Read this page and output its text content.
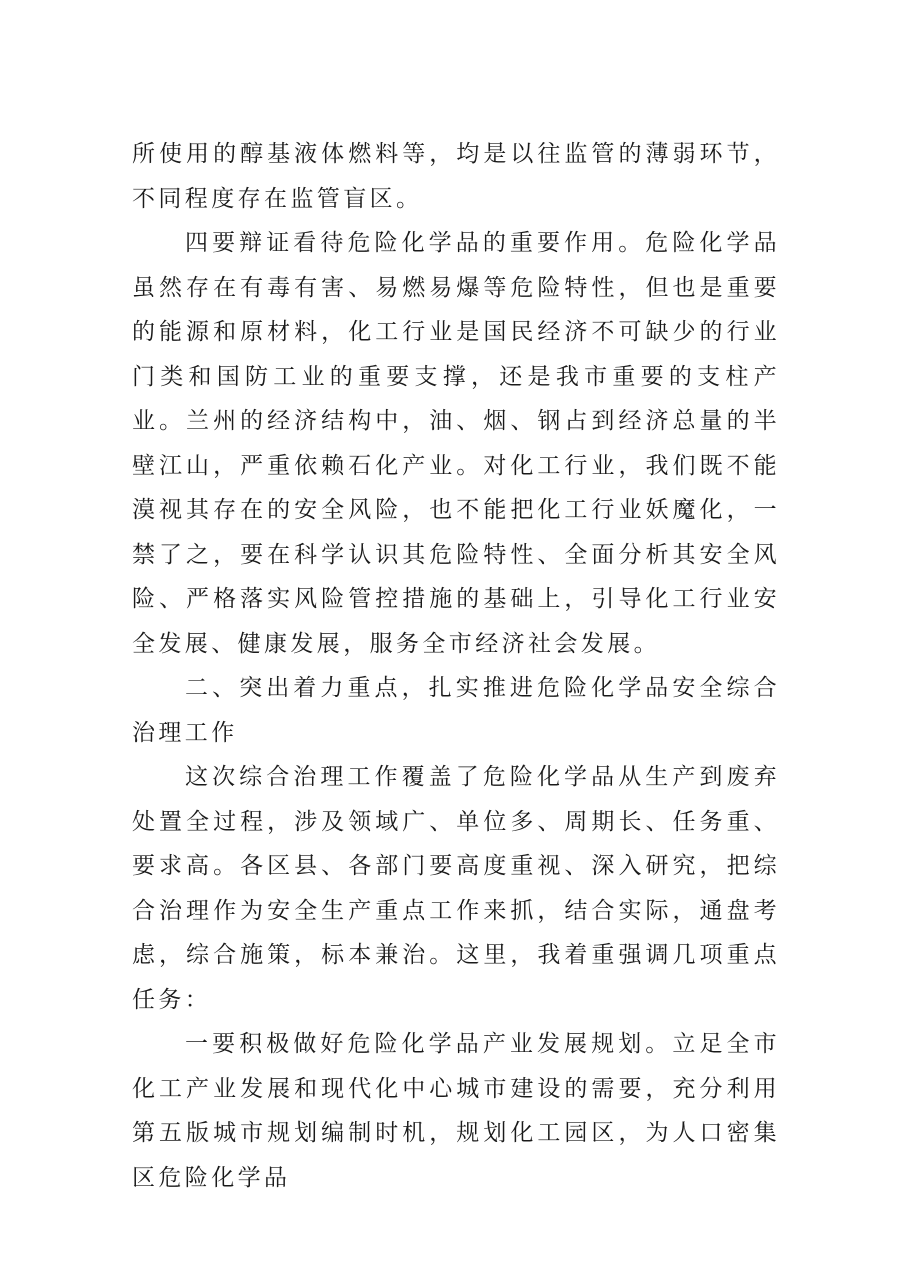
所使用的醇基液体燃料等，均是以往监管的薄弱环节，不同程度存在监管盲区。

四要辩证看待危险化学品的重要作用。危险化学品虽然存在有毒有害、易燃易爆等危险特性，但也是重要的能源和原材料，化工行业是国民经济不可缺少的行业门类和国防工业的重要支撑，还是我市重要的支柱产业。兰州的经济结构中，油、烟、钢占到经济总量的半壁江山，严重依赖石化产业。对化工行业，我们既不能漠视其存在的安全风险，也不能把化工行业妖魔化，一禁了之，要在科学认识其危险特性、全面分析其安全风险、严格落实风险管控措施的基础上，引导化工行业安全发展、健康发展，服务全市经济社会发展。

二、突出着力重点，扎实推进危险化学品安全综合治理工作

这次综合治理工作覆盖了危险化学品从生产到废弃处置全过程，涉及领域广、单位多、周期长、任务重、要求高。各区县、各部门要高度重视、深入研究，把综合治理作为安全生产重点工作来抓，结合实际，通盘考虑，综合施策，标本兼治。这里，我着重强调几项重点任务：

一要积极做好危险化学品产业发展规划。立足全市化工产业发展和现代化中心城市建设的需要，充分利用第五版城市规划编制时机，规划化工园区，为人口密集区危险化学品
